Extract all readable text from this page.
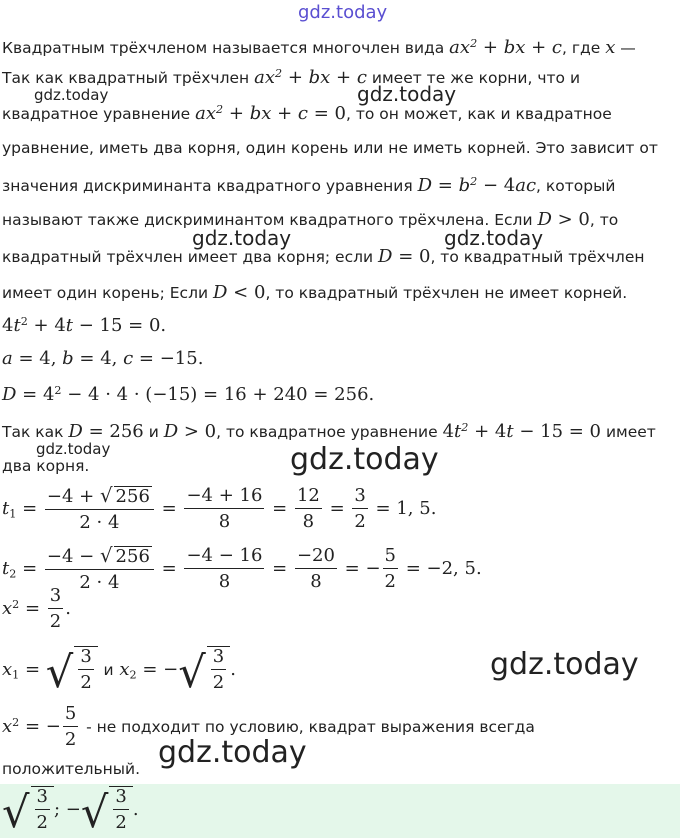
gdz.today
gdz.today	gdz.today
gdz.today	gdz.today
gdz.today	gdz.today
gdz.today
gdz.today
Квадратным трёхчленом называется многочлен вида $ax^2$ + bx + c, где x —
Так как квадратный трёхчлен $ax^2$ + bx + c имеет те же корни, что и
квадратное уравнение $ax^2$ + bx + c = 0, то он может, как и квадратное
уравнение, иметь два корня, один корень или не иметь корней. Это зависит от
значения дискриминанта квадратного уравнения $D = b^2 - 4ac$, который
называют также дискриминантом квадратного трёхчлена. Если D > 0, то
квадратный трёхчлен имеет два корня; если D = 0, то квадратный трёхчлен
имеет один корень; Если D < 0, то квадратный трёхчлен не имеет корней.
$4t^2 + 4t - 15 = 0$.
a = 4, b = 4, c = −15.
$D = 4^2 - 4 \cdot 4 \cdot (-15) = 16 + 240 = 256$.
Так как D = 256 и D > 0, то квадратное уравнение $4t^2 + 4t - 15 = 0$ имеет
два корня.
$t_1 = \frac{-4 + √ 256}{2 \cdot 4} = \frac{-4 + 16}{8} = \frac{12}{8} = \frac{3}{2} = 1$, 5.
$t_2 = \frac{-4 - √ 256}{2 \cdot 4} = \frac{-4 - 16}{8} = \frac{-20}{8}$ = − $\frac{5}{2} = -2$, 5.
$x^2 = \frac{3}{2}$ .
$x_1$ = √ $\frac{3}{2}$ и $x_2$ = −√ $\frac{3}{2}$ .
$x^2$ = − $\frac{5}{2}$ - не подходит по условию, квадрат выражения всегда
положительный.
√ $\frac{3}{2}$ ; −√ $\frac{3}{2}$ .
